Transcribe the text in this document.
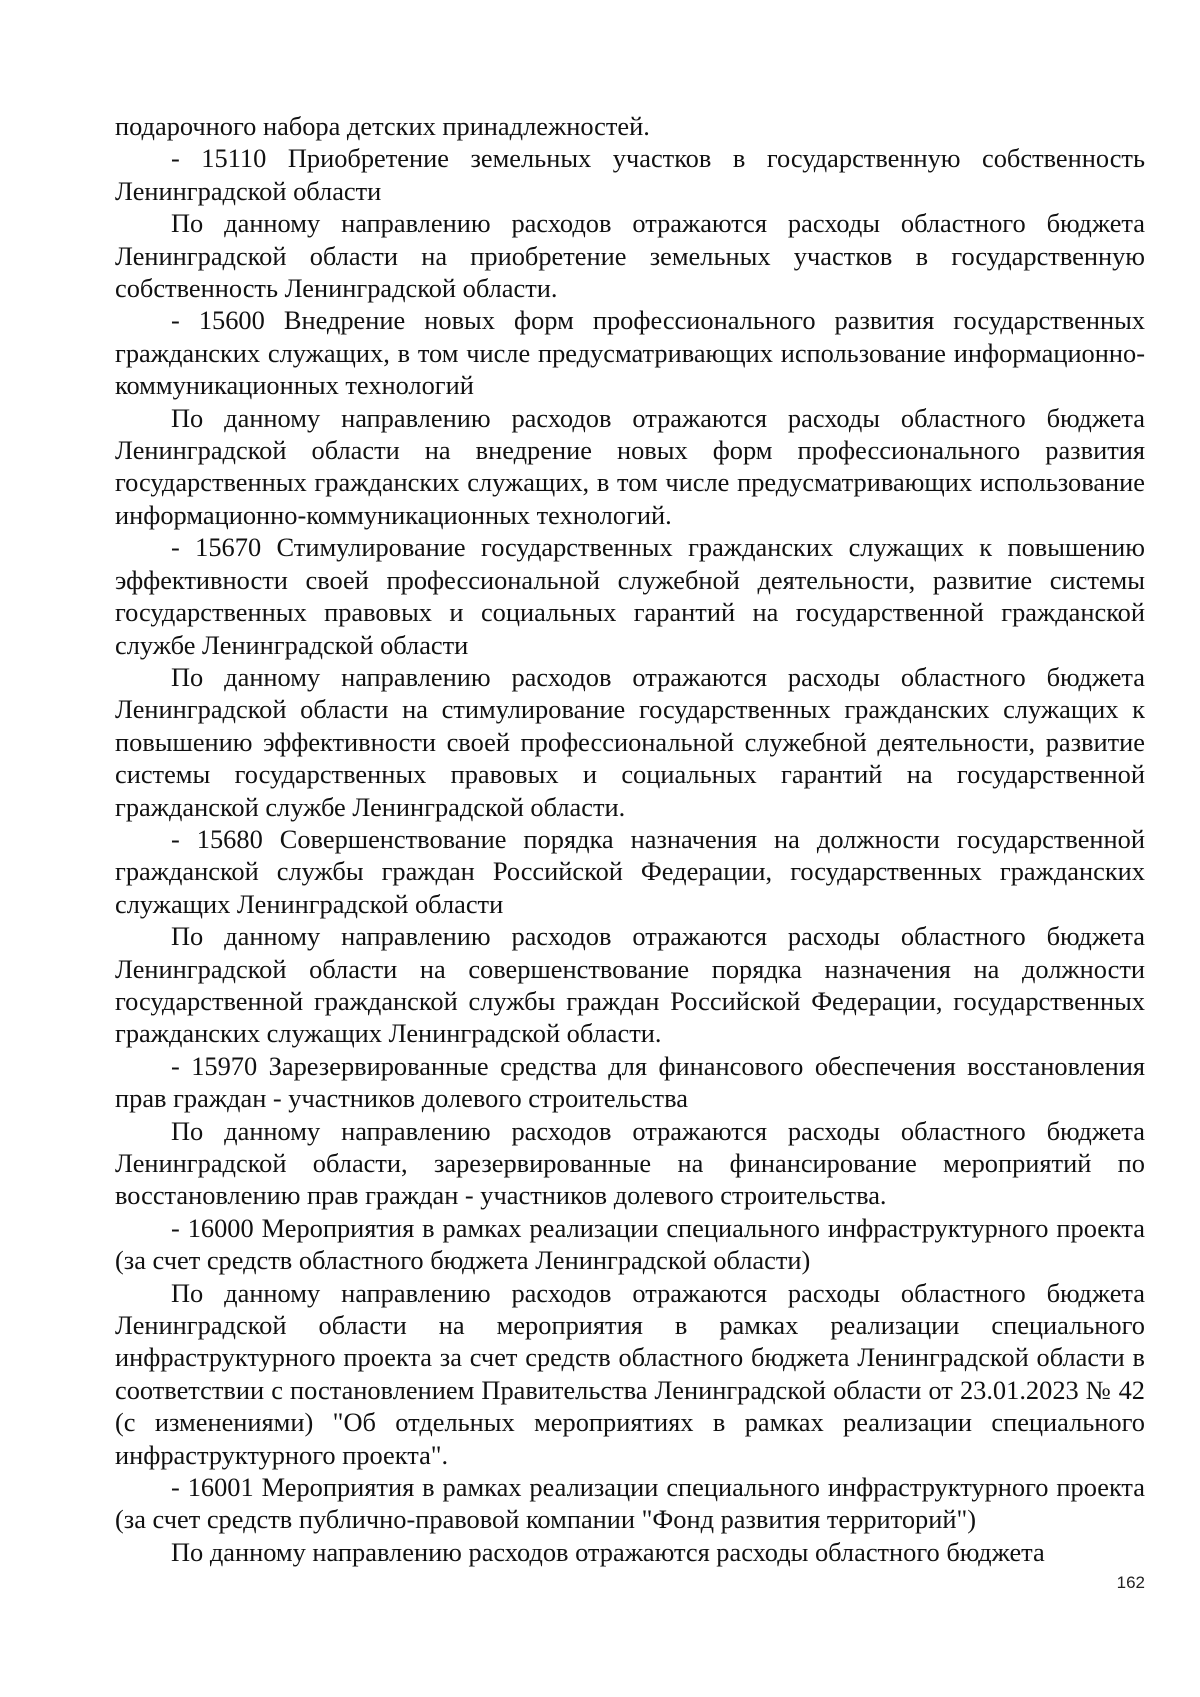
подарочного набора детских принадлежностей.

- 15110 Приобретение земельных участков в государственную собственность Ленинградской области

По данному направлению расходов отражаются расходы областного бюджета Ленинградской области на приобретение земельных участков в государственную собственность Ленинградской области.

- 15600 Внедрение новых форм профессионального развития государственных гражданских служащих, в том числе предусматривающих использование информационно-коммуникационных технологий

По данному направлению расходов отражаются расходы областного бюджета Ленинградской области на внедрение новых форм профессионального развития государственных гражданских служащих, в том числе предусматривающих использование информационно-коммуникационных технологий.

- 15670 Стимулирование государственных гражданских служащих к повышению эффективности своей профессиональной служебной деятельности, развитие системы государственных правовых и социальных гарантий на государственной гражданской службе Ленинградской области

По данному направлению расходов отражаются расходы областного бюджета Ленинградской области на стимулирование государственных гражданских служащих к повышению эффективности своей профессиональной служебной деятельности, развитие системы государственных правовых и социальных гарантий на государственной гражданской службе Ленинградской области.

- 15680 Совершенствование порядка назначения на должности государственной гражданской службы граждан Российской Федерации, государственных гражданских служащих Ленинградской области

По данному направлению расходов отражаются расходы областного бюджета Ленинградской области на совершенствование порядка назначения на должности государственной гражданской службы граждан Российской Федерации, государственных гражданских служащих Ленинградской области.

- 15970 Зарезервированные средства для финансового обеспечения восстановления прав граждан - участников долевого строительства

По данному направлению расходов отражаются расходы областного бюджета Ленинградской области, зарезервированные на финансирование мероприятий по восстановлению прав граждан - участников долевого строительства.

- 16000 Мероприятия в рамках реализации специального инфраструктурного проекта (за счет средств областного бюджета Ленинградской области)

По данному направлению расходов отражаются расходы областного бюджета Ленинградской области на мероприятия в рамках реализации специального инфраструктурного проекта за счет средств областного бюджета Ленинградской области в соответствии с постановлением Правительства Ленинградской области от 23.01.2023 № 42 (с изменениями) "Об отдельных мероприятиях в рамках реализации специального инфраструктурного проекта".

- 16001 Мероприятия в рамках реализации специального инфраструктурного проекта (за счет средств публично-правовой компании "Фонд развития территорий")

По данному направлению расходов отражаются расходы областного бюджета

162
